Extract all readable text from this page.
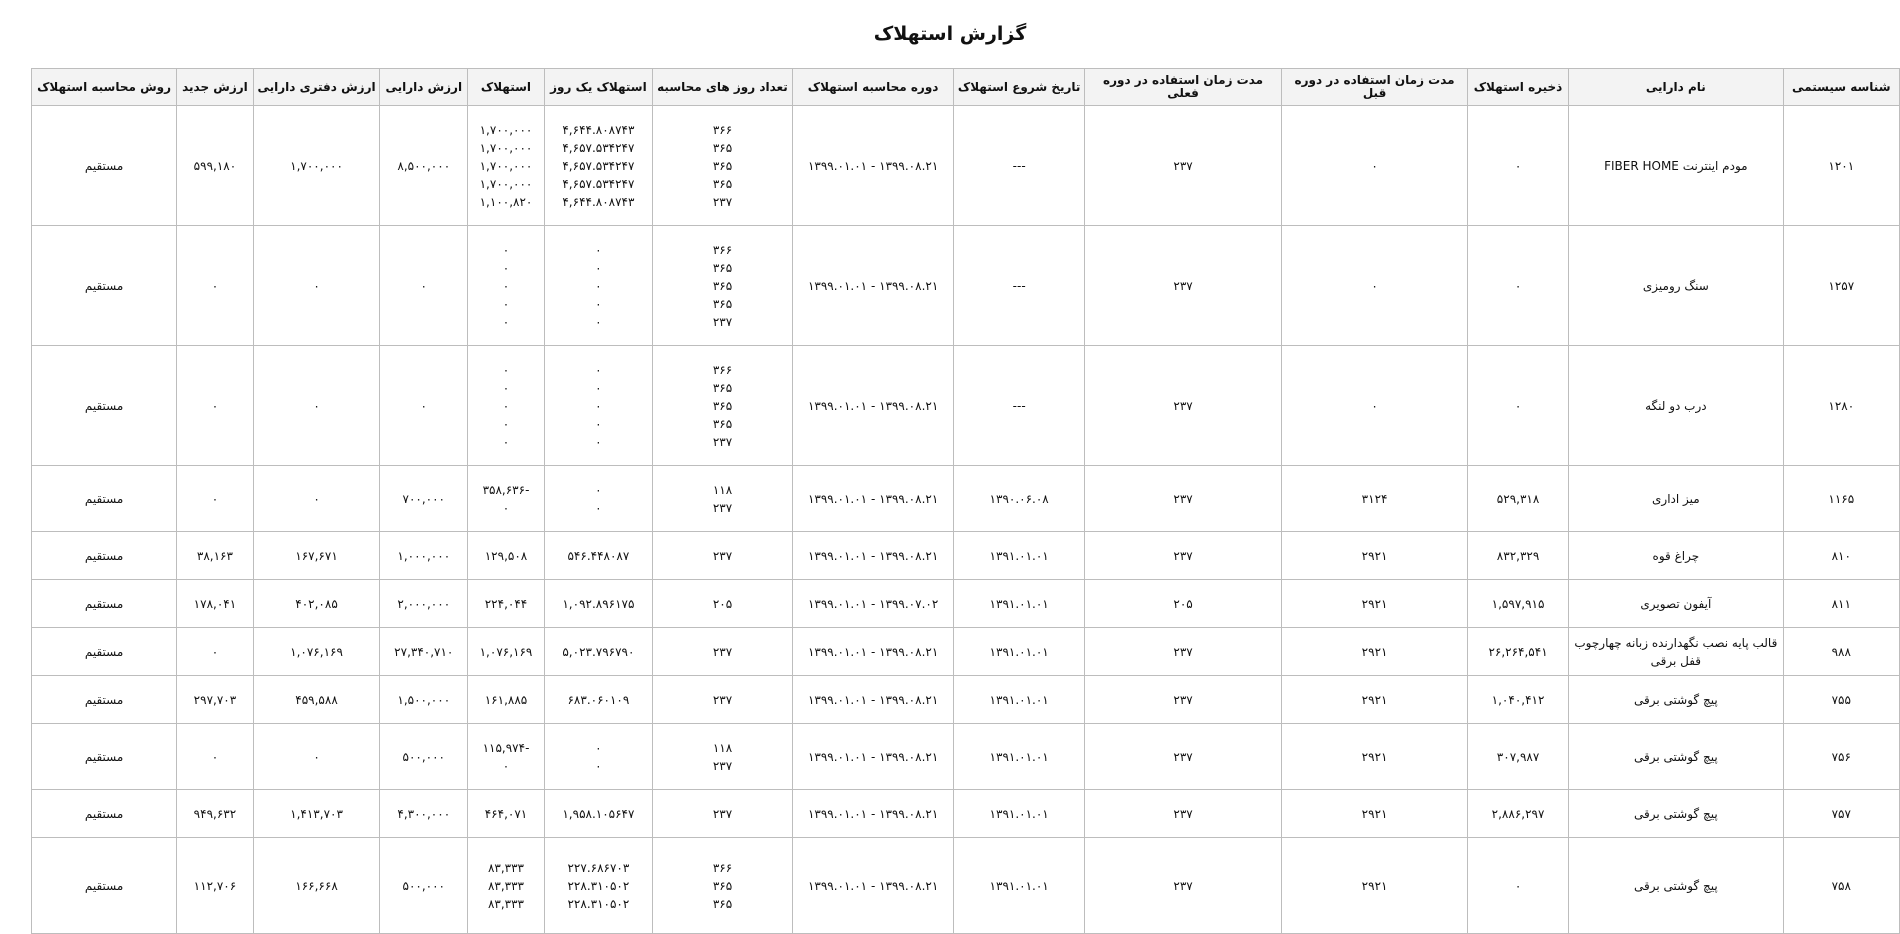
گزارش استهلاک
شناسه سیستمی	نام دارایی	ذخیره استهلاک	مدت زمان استفاده در دوره قبل	مدت زمان استفاده در دوره فعلی	تاریخ شروع استهلاک	دوره محاسبه استهلاک	تعداد روز های محاسبه	استهلاک یک روز	استهلاک	ارزش دارایی	ارزش دفتری دارایی	ارزش جدید	روش محاسبه استهلاک
۱۲۰۱	مودم اینترنت FIBER HOME	۰	۰	۲۳۷	---	۱۳۹۹.۰۱.۰۱ - ۱۳۹۹.۰۸.۲۱	۳۶۶
۳۶۵
۳۶۵
۳۶۵
۲۳۷	۴,۶۴۴.۸۰۸۷۴۳
۴,۶۵۷.۵۳۴۲۴۷
۴,۶۵۷.۵۳۴۲۴۷
۴,۶۵۷.۵۳۴۲۴۷
۴,۶۴۴.۸۰۸۷۴۳	۱,۷۰۰,۰۰۰
۱,۷۰۰,۰۰۰
۱,۷۰۰,۰۰۰
۱,۷۰۰,۰۰۰
۱,۱۰۰,۸۲۰	۸,۵۰۰,۰۰۰	۱,۷۰۰,۰۰۰	۵۹۹,۱۸۰	مستقیم
۱۲۵۷	سنگ رومیزی	۰	۰	۲۳۷	---	۱۳۹۹.۰۱.۰۱ - ۱۳۹۹.۰۸.۲۱	۳۶۶
۳۶۵
۳۶۵
۳۶۵
۲۳۷	۰
۰
۰
۰
۰	۰
۰
۰
۰
۰	۰	۰	۰	مستقیم
۱۲۸۰	درب دو لنگه	۰	۰	۲۳۷	---	۱۳۹۹.۰۱.۰۱ - ۱۳۹۹.۰۸.۲۱	۳۶۶
۳۶۵
۳۶۵
۳۶۵
۲۳۷	۰
۰
۰
۰
۰	۰
۰
۰
۰
۰	۰	۰	۰	مستقیم
۱۱۶۵	میز اداری	۵۲۹,۳۱۸	۳۱۲۴	۲۳۷	۱۳۹۰.۰۶.۰۸	۱۳۹۹.۰۱.۰۱ - ۱۳۹۹.۰۸.۲۱	۱۱۸
۲۳۷	۰
۰	-۳۵۸,۶۳۶
۰	۷۰۰,۰۰۰	۰	۰	مستقیم
۸۱۰	چراغ قوه	۸۳۲,۳۲۹	۲۹۲۱	۲۳۷	۱۳۹۱.۰۱.۰۱	۱۳۹۹.۰۱.۰۱ - ۱۳۹۹.۰۸.۲۱	۲۳۷	۵۴۶.۴۴۸۰۸۷	۱۲۹,۵۰۸	۱,۰۰۰,۰۰۰	۱۶۷,۶۷۱	۳۸,۱۶۳	مستقیم
۸۱۱	آیفون تصویری	۱,۵۹۷,۹۱۵	۲۹۲۱	۲۰۵	۱۳۹۱.۰۱.۰۱	۱۳۹۹.۰۱.۰۱ - ۱۳۹۹.۰۷.۰۲	۲۰۵	۱,۰۹۲.۸۹۶۱۷۵	۲۲۴,۰۴۴	۲,۰۰۰,۰۰۰	۴۰۲,۰۸۵	۱۷۸,۰۴۱	مستقیم
۹۸۸	قالب پایه نصب نگهدارنده زبانه چهارچوب قفل برقی	۲۶,۲۶۴,۵۴۱	۲۹۲۱	۲۳۷	۱۳۹۱.۰۱.۰۱	۱۳۹۹.۰۱.۰۱ - ۱۳۹۹.۰۸.۲۱	۲۳۷	۵,۰۲۳.۷۹۶۷۹۰	۱,۰۷۶,۱۶۹	۲۷,۳۴۰,۷۱۰	۱,۰۷۶,۱۶۹	۰	مستقیم
۷۵۵	پیچ گوشتی برقی	۱,۰۴۰,۴۱۲	۲۹۲۱	۲۳۷	۱۳۹۱.۰۱.۰۱	۱۳۹۹.۰۱.۰۱ - ۱۳۹۹.۰۸.۲۱	۲۳۷	۶۸۳.۰۶۰۱۰۹	۱۶۱,۸۸۵	۱,۵۰۰,۰۰۰	۴۵۹,۵۸۸	۲۹۷,۷۰۳	مستقیم
۷۵۶	پیچ گوشتی برقی	۳۰۷,۹۸۷	۲۹۲۱	۲۳۷	۱۳۹۱.۰۱.۰۱	۱۳۹۹.۰۱.۰۱ - ۱۳۹۹.۰۸.۲۱	۱۱۸
۲۳۷	۰
۰	-۱۱۵,۹۷۴
۰	۵۰۰,۰۰۰	۰	۰	مستقیم
۷۵۷	پیچ گوشتی برقی	۲,۸۸۶,۲۹۷	۲۹۲۱	۲۳۷	۱۳۹۱.۰۱.۰۱	۱۳۹۹.۰۱.۰۱ - ۱۳۹۹.۰۸.۲۱	۲۳۷	۱,۹۵۸.۱۰۵۶۴۷	۴۶۴,۰۷۱	۴,۳۰۰,۰۰۰	۱,۴۱۳,۷۰۳	۹۴۹,۶۳۲	مستقیم
۷۵۸	پیچ گوشتی برقی	۰	۲۹۲۱	۲۳۷	۱۳۹۱.۰۱.۰۱	۱۳۹۹.۰۱.۰۱ - ۱۳۹۹.۰۸.۲۱	۳۶۶
۳۶۵
۳۶۵	۲۲۷.۶۸۶۷۰۳
۲۲۸.۳۱۰۵۰۲
۲۲۸.۳۱۰۵۰۲	۸۳,۳۳۳
۸۳,۳۳۳
۸۳,۳۳۳	۵۰۰,۰۰۰	۱۶۶,۶۶۸	۱۱۲,۷۰۶	مستقیم
